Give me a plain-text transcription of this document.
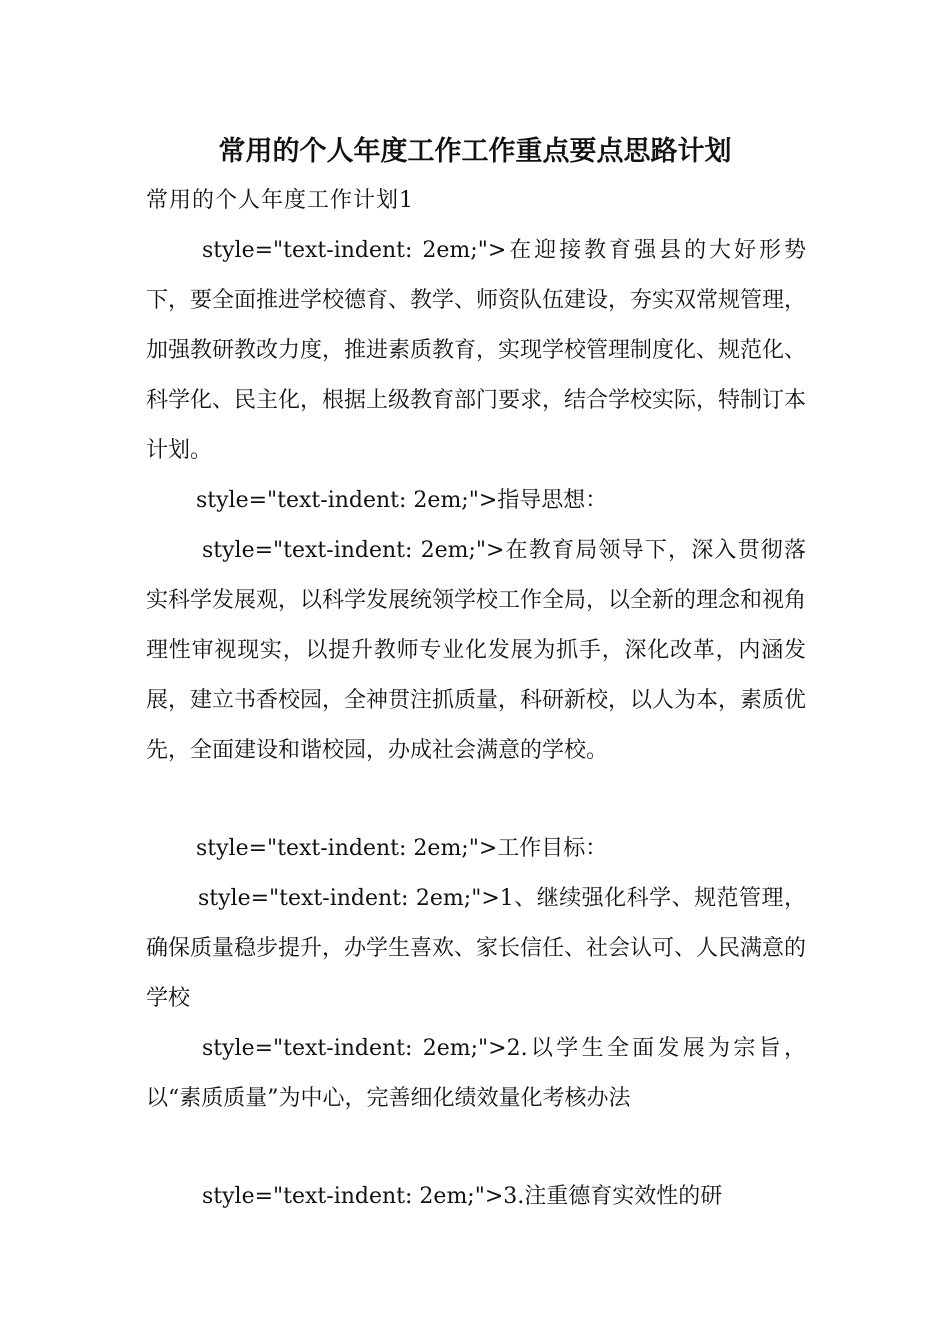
常用的个人年度工作工作重点要点思路计划
常用的个人年度工作计划1
style="text-indent: 2em;">在迎接教育强县的大好形势下，要全面推进学校德育、教学、师资队伍建设，夯实双常规管理，加强教研教改力度，推进素质教育，实现学校管理制度化、规范化、科学化、民主化，根据上级教育部门要求，结合学校实际，特制订本计划。
style="text-indent: 2em;">指导思想：
style="text-indent: 2em;">在教育局领导下，深入贯彻落实科学发展观，以科学发展统领学校工作全局，以全新的理念和视角理性审视现实，以提升教师专业化发展为抓手，深化改革，内涵发展，建立书香校园，全神贯注抓质量，科研新校，以人为本，素质优先，全面建设和谐校园，办成社会满意的学校。
style="text-indent: 2em;">工作目标：
style="text-indent: 2em;">1、继续强化科学、规范管理，确保质量稳步提升，办学生喜欢、家长信任、社会认可、人民满意的学校
style="text-indent: 2em;">2.以学生全面发展为宗旨，以“素质质量”为中心，完善细化绩效量化考核办法
style="text-indent: 2em;">3.注重德育实效性的研
